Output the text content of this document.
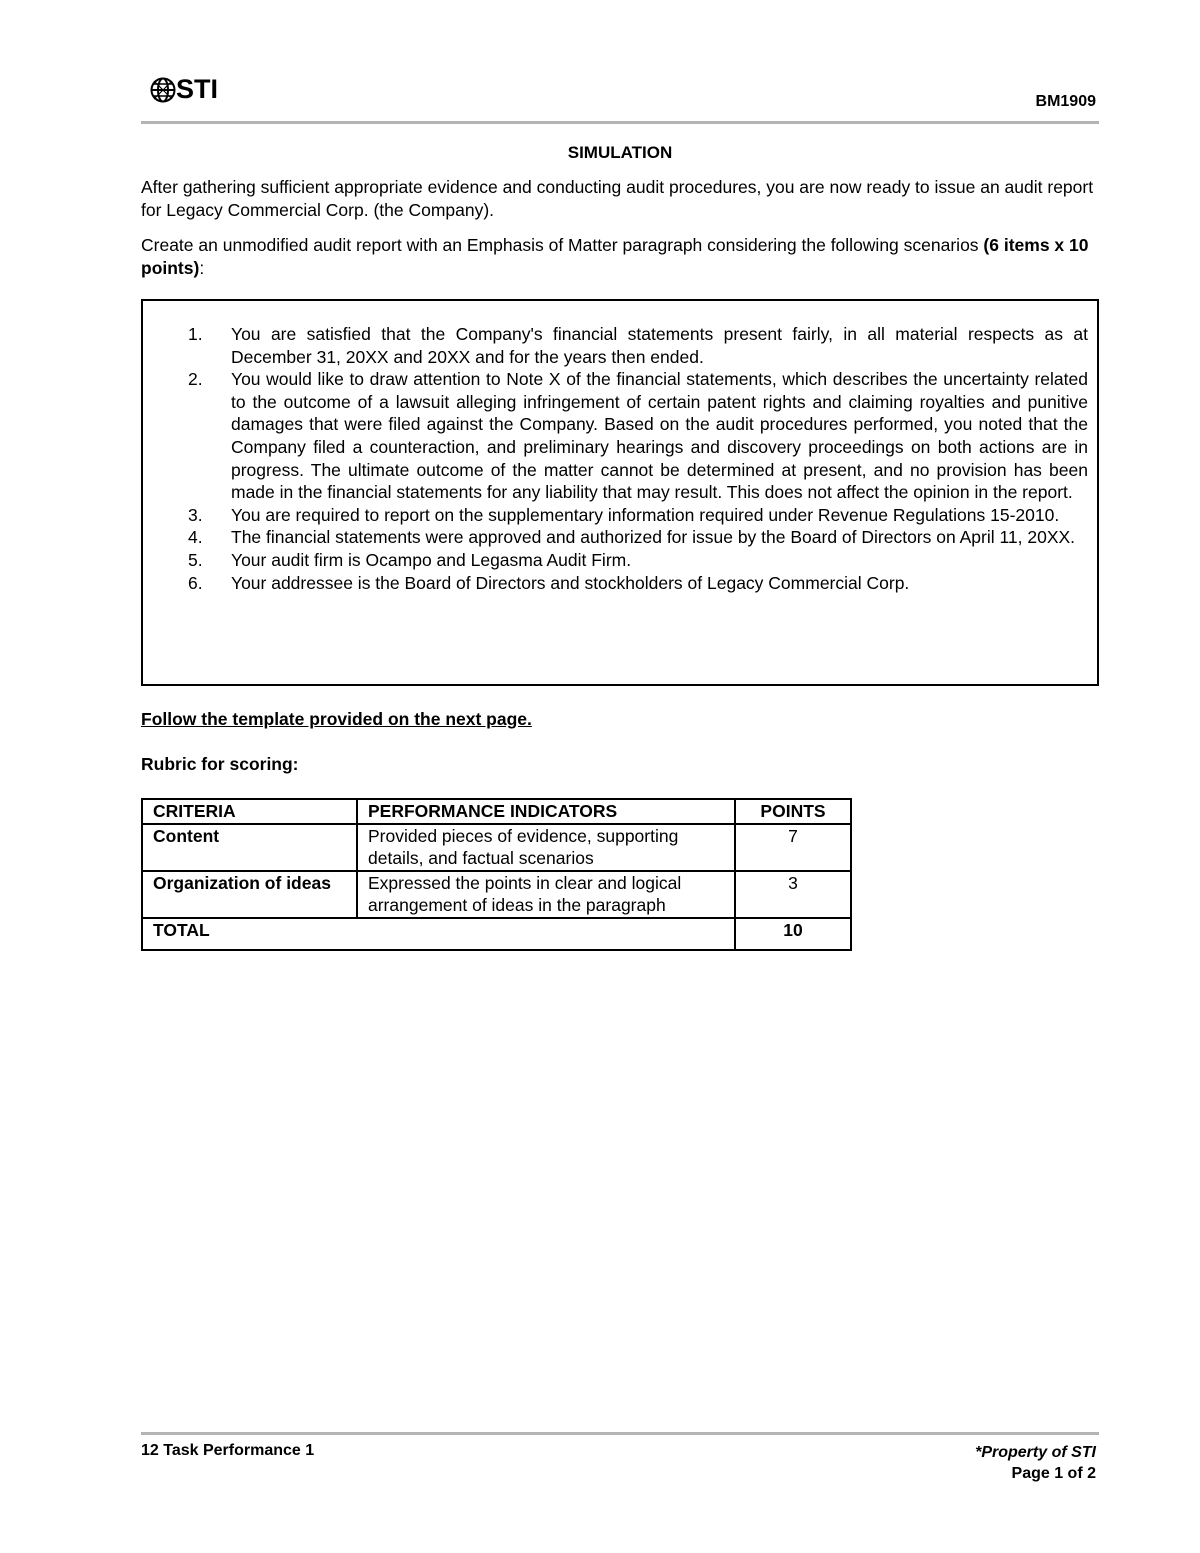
STI	BM1909
SIMULATION
After gathering sufficient appropriate evidence and conducting audit procedures, you are now ready to issue an audit report for Legacy Commercial Corp. (the Company).
Create an unmodified audit report with an Emphasis of Matter paragraph considering the following scenarios (6 items x 10 points):
1. You are satisfied that the Company's financial statements present fairly, in all material respects as at December 31, 20XX and 20XX and for the years then ended.
2. You would like to draw attention to Note X of the financial statements, which describes the uncertainty related to the outcome of a lawsuit alleging infringement of certain patent rights and claiming royalties and punitive damages that were filed against the Company. Based on the audit procedures performed, you noted that the Company filed a counteraction, and preliminary hearings and discovery proceedings on both actions are in progress. The ultimate outcome of the matter cannot be determined at present, and no provision has been made in the financial statements for any liability that may result. This does not affect the opinion in the report.
3. You are required to report on the supplementary information required under Revenue Regulations 15-2010.
4. The financial statements were approved and authorized for issue by the Board of Directors on April 11, 20XX.
5. Your audit firm is Ocampo and Legasma Audit Firm.
6. Your addressee is the Board of Directors and stockholders of Legacy Commercial Corp.
Follow the template provided on the next page.
Rubric for scoring:
CRITERIA	PERFORMANCE INDICATORS	POINTS
Content	Provided pieces of evidence, supporting details, and factual scenarios	7
Organization of ideas	Expressed the points in clear and logical arrangement of ideas in the paragraph	3
TOTAL		10
12 Task Performance 1	*Property of STI
Page 1 of 2
